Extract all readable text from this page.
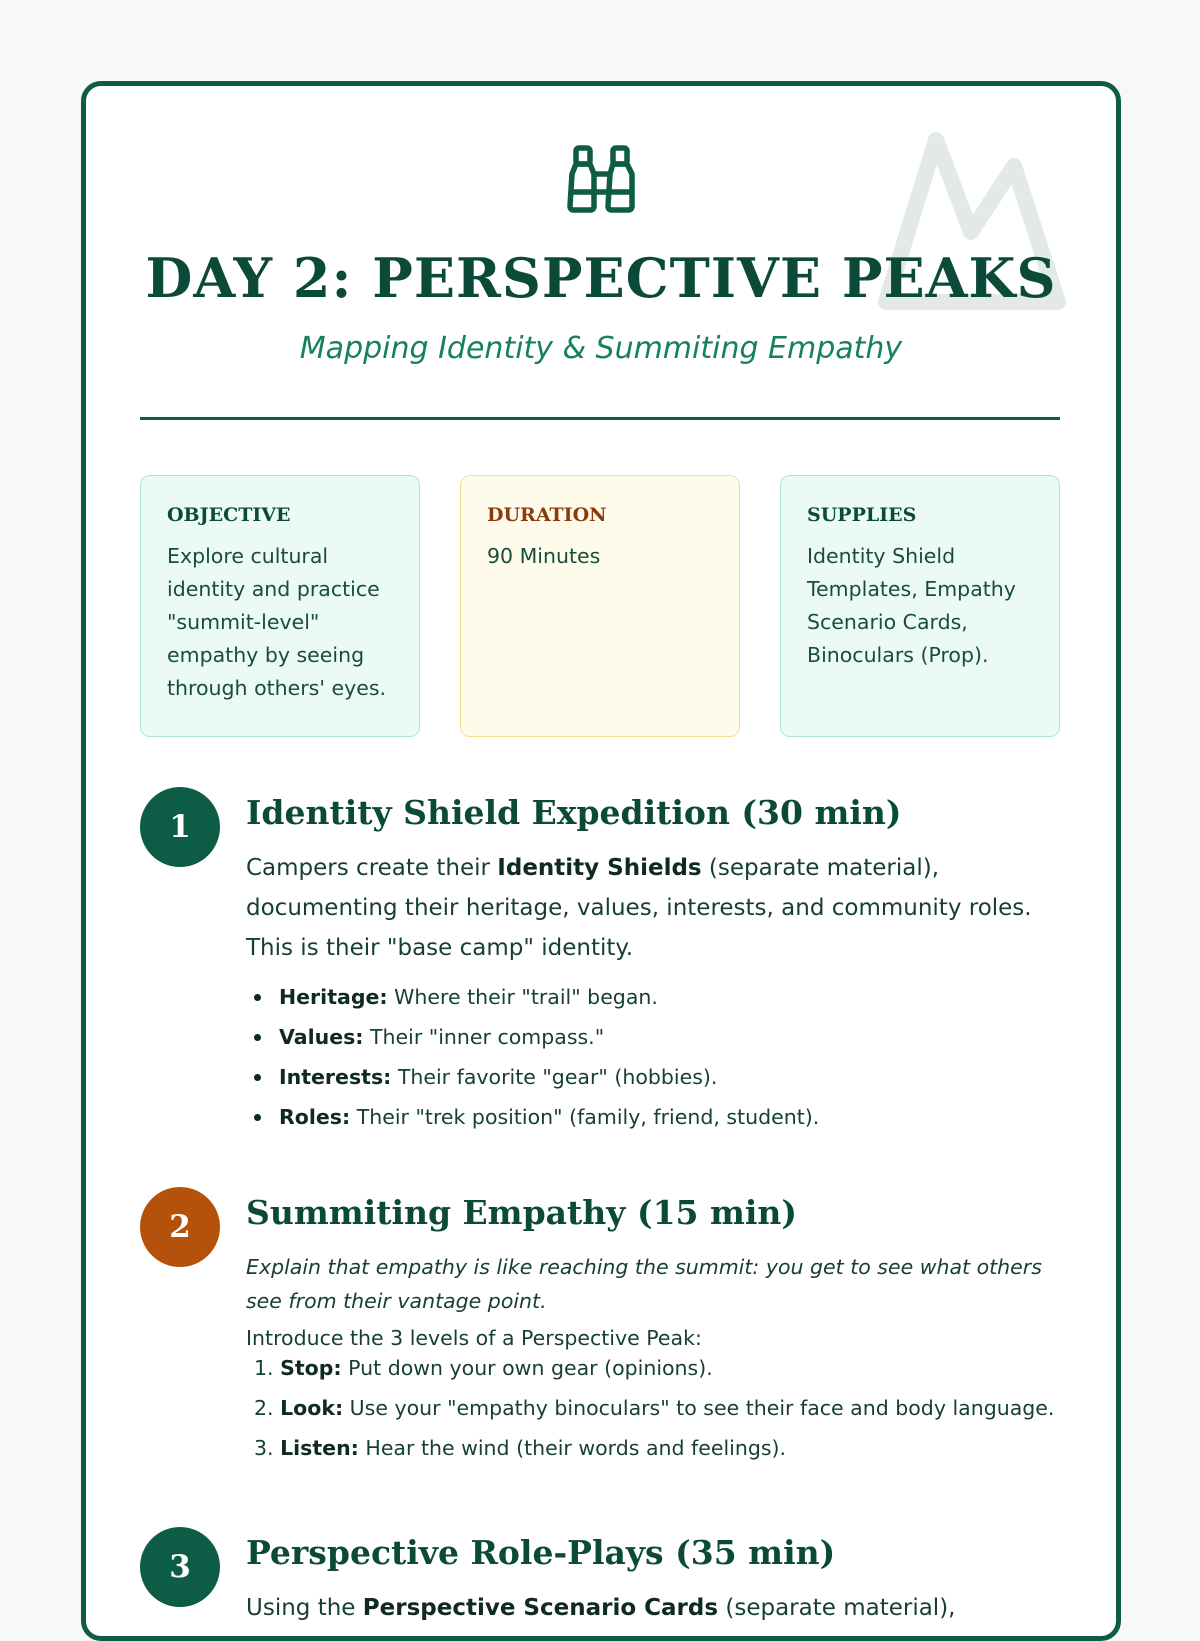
DAY 2: PERSPECTIVE PEAKS
Mapping Identity & Summiting Empathy
OBJECTIVE
Explore cultural identity and practice "summit-level" empathy by seeing through others' eyes.
DURATION
90 Minutes
SUPPLIES
Identity Shield Templates, Empathy Scenario Cards, Binoculars (Prop).
1	Identity Shield Expedition (30 min)
Campers create their Identity Shields (separate material), documenting their heritage, values, interests, and community roles. This is their "base camp" identity.
Heritage: Where their "trail" began.
Values: Their "inner compass."
Interests: Their favorite "gear" (hobbies).
Roles: Their "trek position" (family, friend, student).
2	Summiting Empathy (15 min)
Explain that empathy is like reaching the summit: you get to see what others see from their vantage point.
Introduce the 3 levels of a Perspective Peak:
1. Stop: Put down your own gear (opinions).
2. Look: Use your "empathy binoculars" to see their face and body language.
3. Listen: Hear the wind (their words and feelings).
3	Perspective Role-Plays (35 min)
Using the Perspective Scenario Cards (separate material),
